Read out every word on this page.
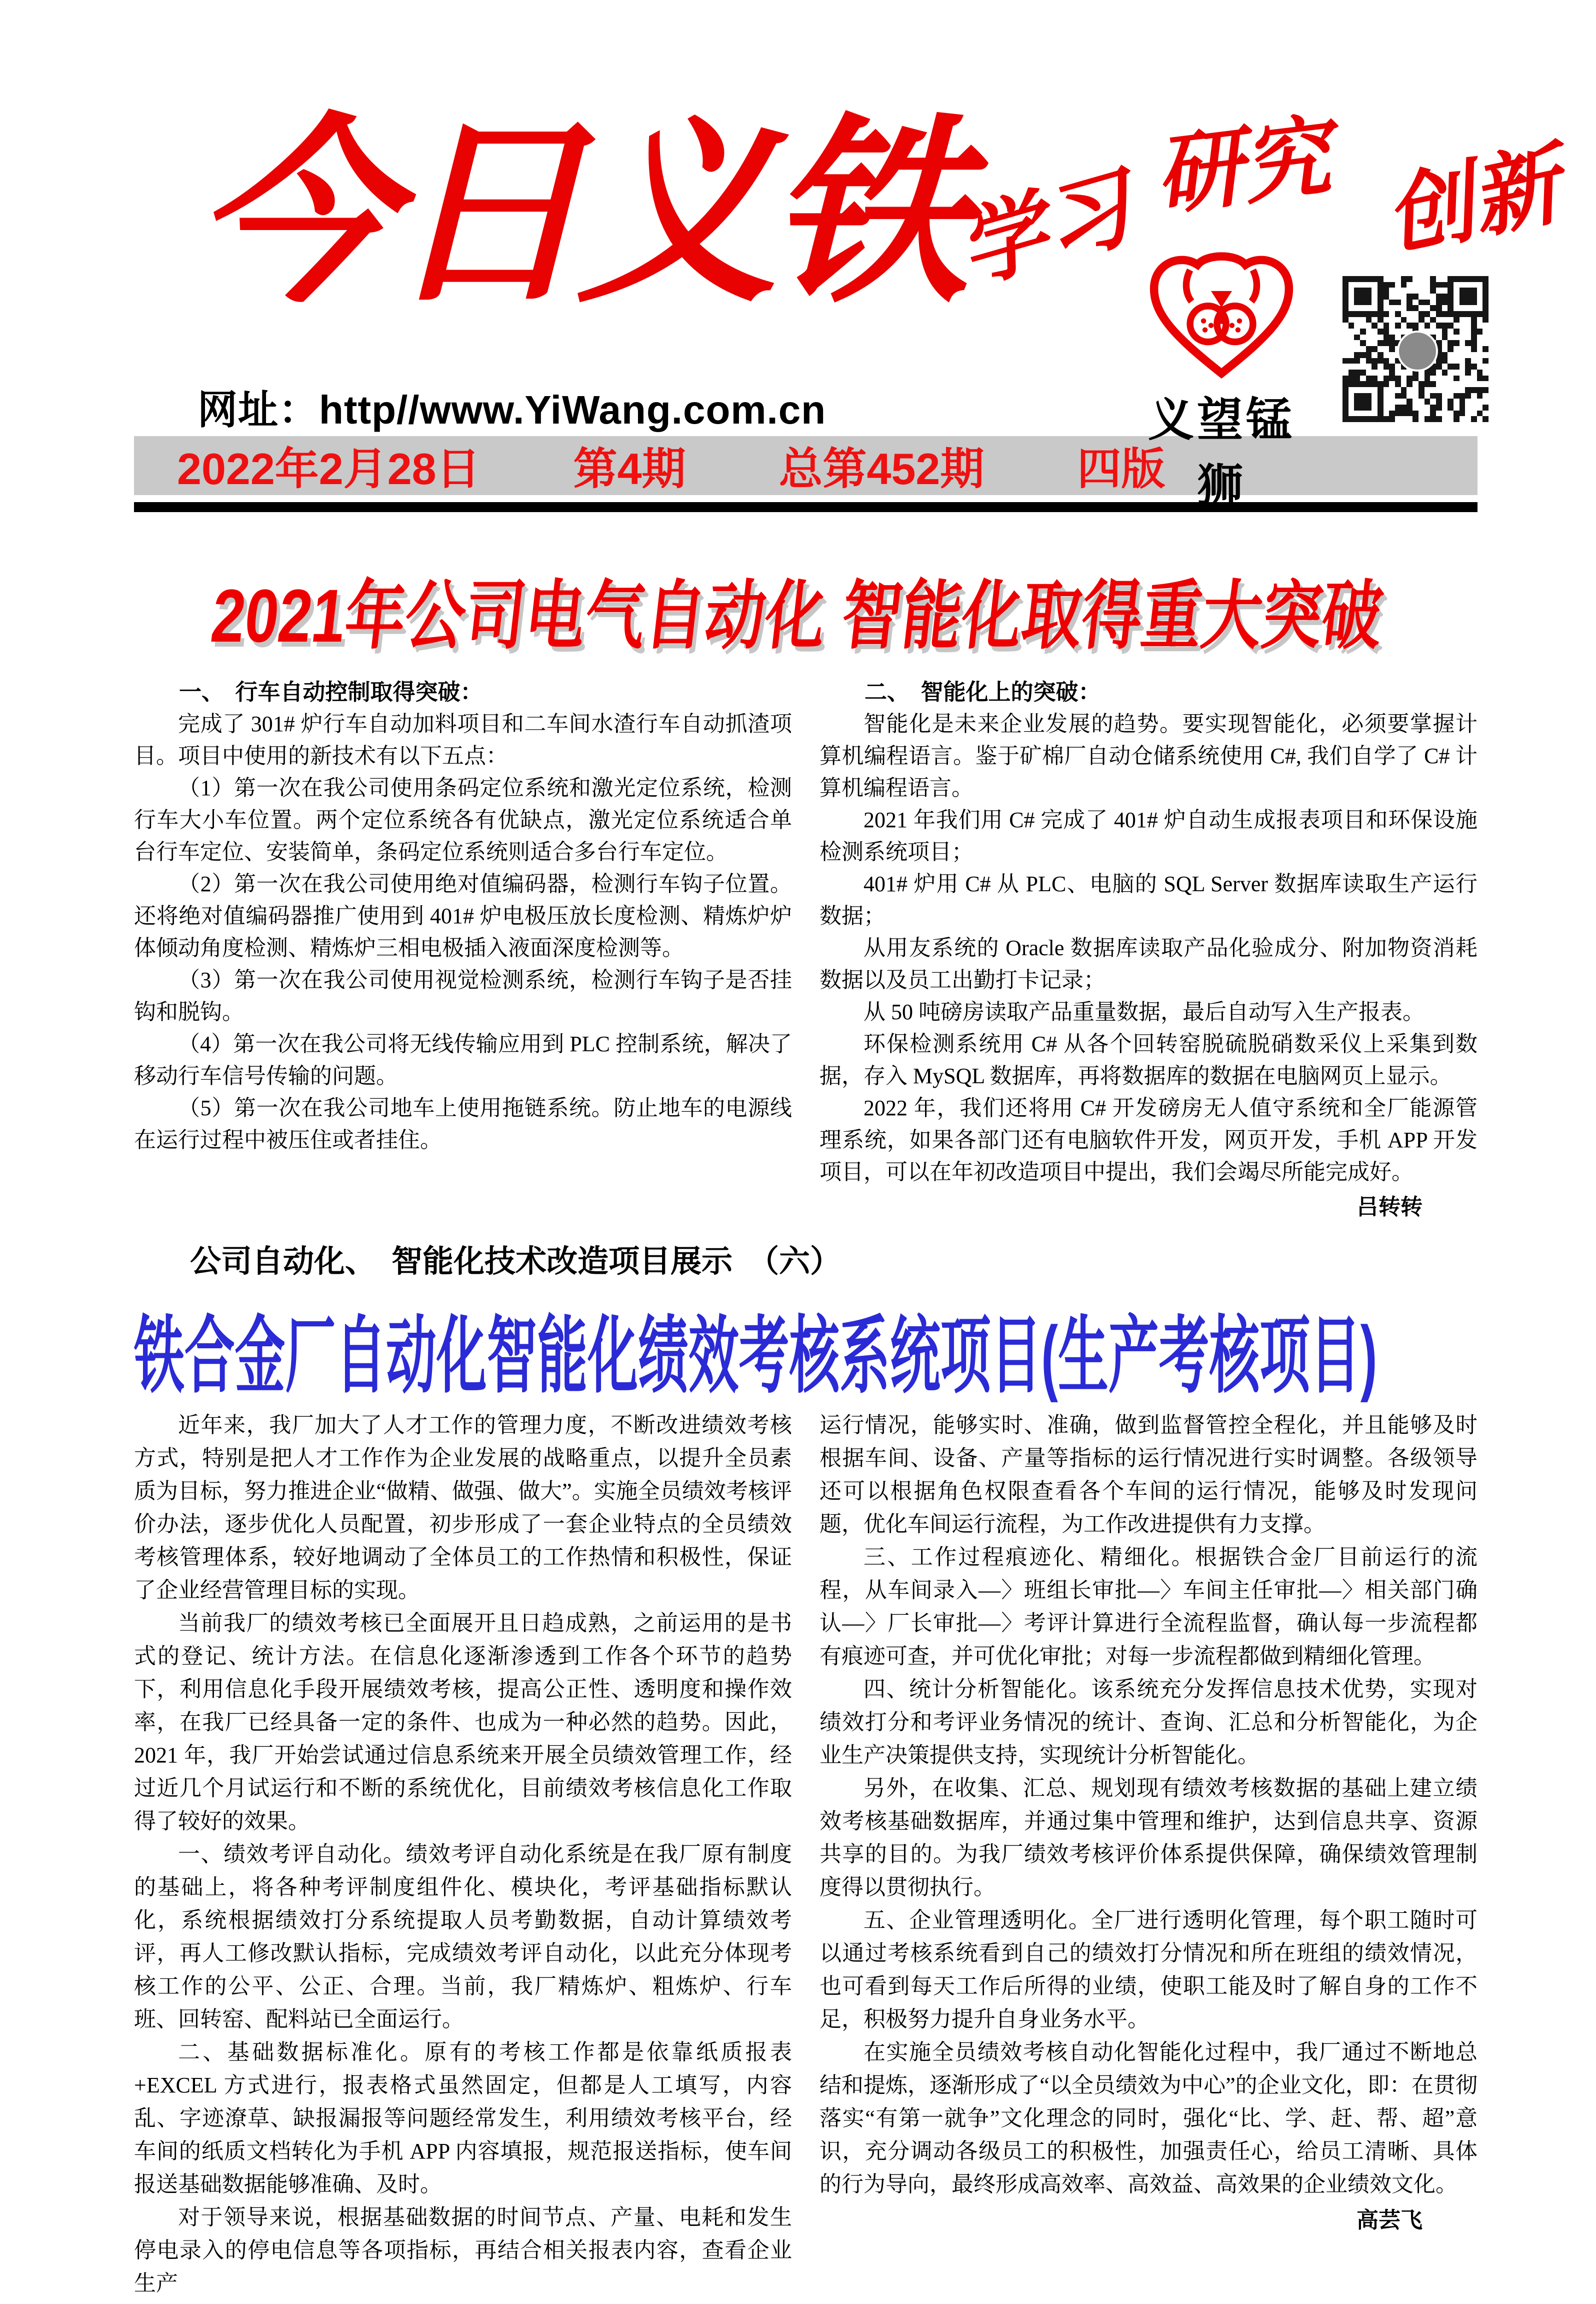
今日义铁
网址：http//www.YiWang.com.cn
学习 研究 创新
义望锰狮
2022年2月28日 第4期 总第452期 四版
2021年公司电气自动化 智能化取得重大突破

一、　行车自动控制取得突破：

完成了 301# 炉行车自动加料项目和二车间水渣行车自动抓渣项目。项目中使用的新技术有以下五点：

（1）第一次在我公司使用条码定位系统和激光定位系统，检测行车大小车位置。两个定位系统各有优缺点，激光定位系统适合单台行车定位、安装简单，条码定位系统则适合多台行车定位。

（2）第一次在我公司使用绝对值编码器，检测行车钩子位置。还将绝对值编码器推广使用到 401# 炉电极压放长度检测、精炼炉炉体倾动角度检测、精炼炉三相电极插入液面深度检测等。

（3）第一次在我公司使用视觉检测系统，检测行车钩子是否挂钩和脱钩。

（4）第一次在我公司将无线传输应用到 PLC 控制系统，解决了移动行车信号传输的问题。

（5）第一次在我公司地车上使用拖链系统。防止地车的电源线在运行过程中被压住或者挂住。

二、　智能化上的突破：

智能化是未来企业发展的趋势。要实现智能化，必须要掌握计算机编程语言。鉴于矿棉厂自动仓储系统使用 C#, 我们自学了 C# 计算机编程语言。

2021 年我们用 C# 完成了 401# 炉自动生成报表项目和环保设施检测系统项目；

401# 炉用 C# 从 PLC、电脑的 SQL Server 数据库读取生产运行数据；

从用友系统的 Oracle 数据库读取产品化验成分、附加物资消耗数据以及员工出勤打卡记录；

从 50 吨磅房读取产品重量数据，最后自动写入生产报表。

环保检测系统用 C# 从各个回转窑脱硫脱硝数采仪上采集到数据，存入 MySQL 数据库，再将数据库的数据在电脑网页上显示。

2022 年，我们还将用 C# 开发磅房无人值守系统和全厂能源管理系统，如果各部门还有电脑软件开发，网页开发，手机 APP 开发项目，可以在年初改造项目中提出，我们会竭尽所能完成好。

吕转转

公司自动化、　智能化技术改造项目展示　（六）
铁合金厂自动化智能化绩效考核系统项目(生产考核项目)

近年来，我厂加大了人才工作的管理力度，不断改进绩效考核方式，特别是把人才工作作为企业发展的战略重点，以提升全员素质为目标，努力推进企业“做精、做强、做大”。实施全员绩效考核评价办法，逐步优化人员配置，初步形成了一套企业特点的全员绩效考核管理体系，较好地调动了全体员工的工作热情和积极性，保证了企业经营管理目标的实现。

当前我厂的绩效考核已全面展开且日趋成熟，之前运用的是书式的登记、统计方法。在信息化逐渐渗透到工作各个环节的趋势下，利用信息化手段开展绩效考核，提高公正性、透明度和操作效率，在我厂已经具备一定的条件、也成为一种必然的趋势。因此，2021 年，我厂开始尝试通过信息系统来开展全员绩效管理工作，经过近几个月试运行和不断的系统优化，目前绩效考核信息化工作取得了较好的效果。

一、绩效考评自动化。绩效考评自动化系统是在我厂原有制度的基础上，将各种考评制度组件化、模块化，考评基础指标默认化，系统根据绩效打分系统提取人员考勤数据，自动计算绩效考评，再人工修改默认指标，完成绩效考评自动化，以此充分体现考核工作的公平、公正、合理。当前，我厂精炼炉、粗炼炉、行车班、回转窑、配料站已全面运行。

二、基础数据标准化。原有的考核工作都是依靠纸质报表 +EXCEL 方式进行，报表格式虽然固定，但都是人工填写，内容乱、字迹潦草、缺报漏报等问题经常发生，利用绩效考核平台，经车间的纸质文档转化为手机 APP 内容填报，规范报送指标，使车间报送基础数据能够准确、及时。

对于领导来说，根据基础数据的时间节点、产量、电耗和发生停电录入的停电信息等各项指标，再结合相关报表内容，查看企业生产

运行情况，能够实时、准确，做到监督管控全程化，并且能够及时根据车间、设备、产量等指标的运行情况进行实时调整。各级领导还可以根据角色权限查看各个车间的运行情况，能够及时发现问题，优化车间运行流程，为工作改进提供有力支撑。

三、工作过程痕迹化、精细化。根据铁合金厂目前运行的流程，从车间录入—〉班组长审批—〉车间主任审批—〉相关部门确认—〉厂长审批—〉考评计算进行全流程监督，确认每一步流程都有痕迹可查，并可优化审批；对每一步流程都做到精细化管理。

四、统计分析智能化。该系统充分发挥信息技术优势，实现对绩效打分和考评业务情况的统计、查询、汇总和分析智能化，为企业生产决策提供支持，实现统计分析智能化。

另外，在收集、汇总、规划现有绩效考核数据的基础上建立绩效考核基础数据库，并通过集中管理和维护，达到信息共享、资源共享的目的。为我厂绩效考核评价体系提供保障，确保绩效管理制度得以贯彻执行。

五、企业管理透明化。全厂进行透明化管理，每个职工随时可以通过考核系统看到自己的绩效打分情况和所在班组的绩效情况，也可看到每天工作后所得的业绩，使职工能及时了解自身的工作不足，积极努力提升自身业务水平。

在实施全员绩效考核自动化智能化过程中，我厂通过不断地总结和提炼，逐渐形成了“以全员绩效为中心”的企业文化，即：在贯彻落实“有第一就争”文化理念的同时，强化“比、学、赶、帮、超”意识，充分调动各级员工的积极性，加强责任心，给员工清晰、具体的行为导向，最终形成高效率、高效益、高效果的企业绩效文化。

高芸飞
